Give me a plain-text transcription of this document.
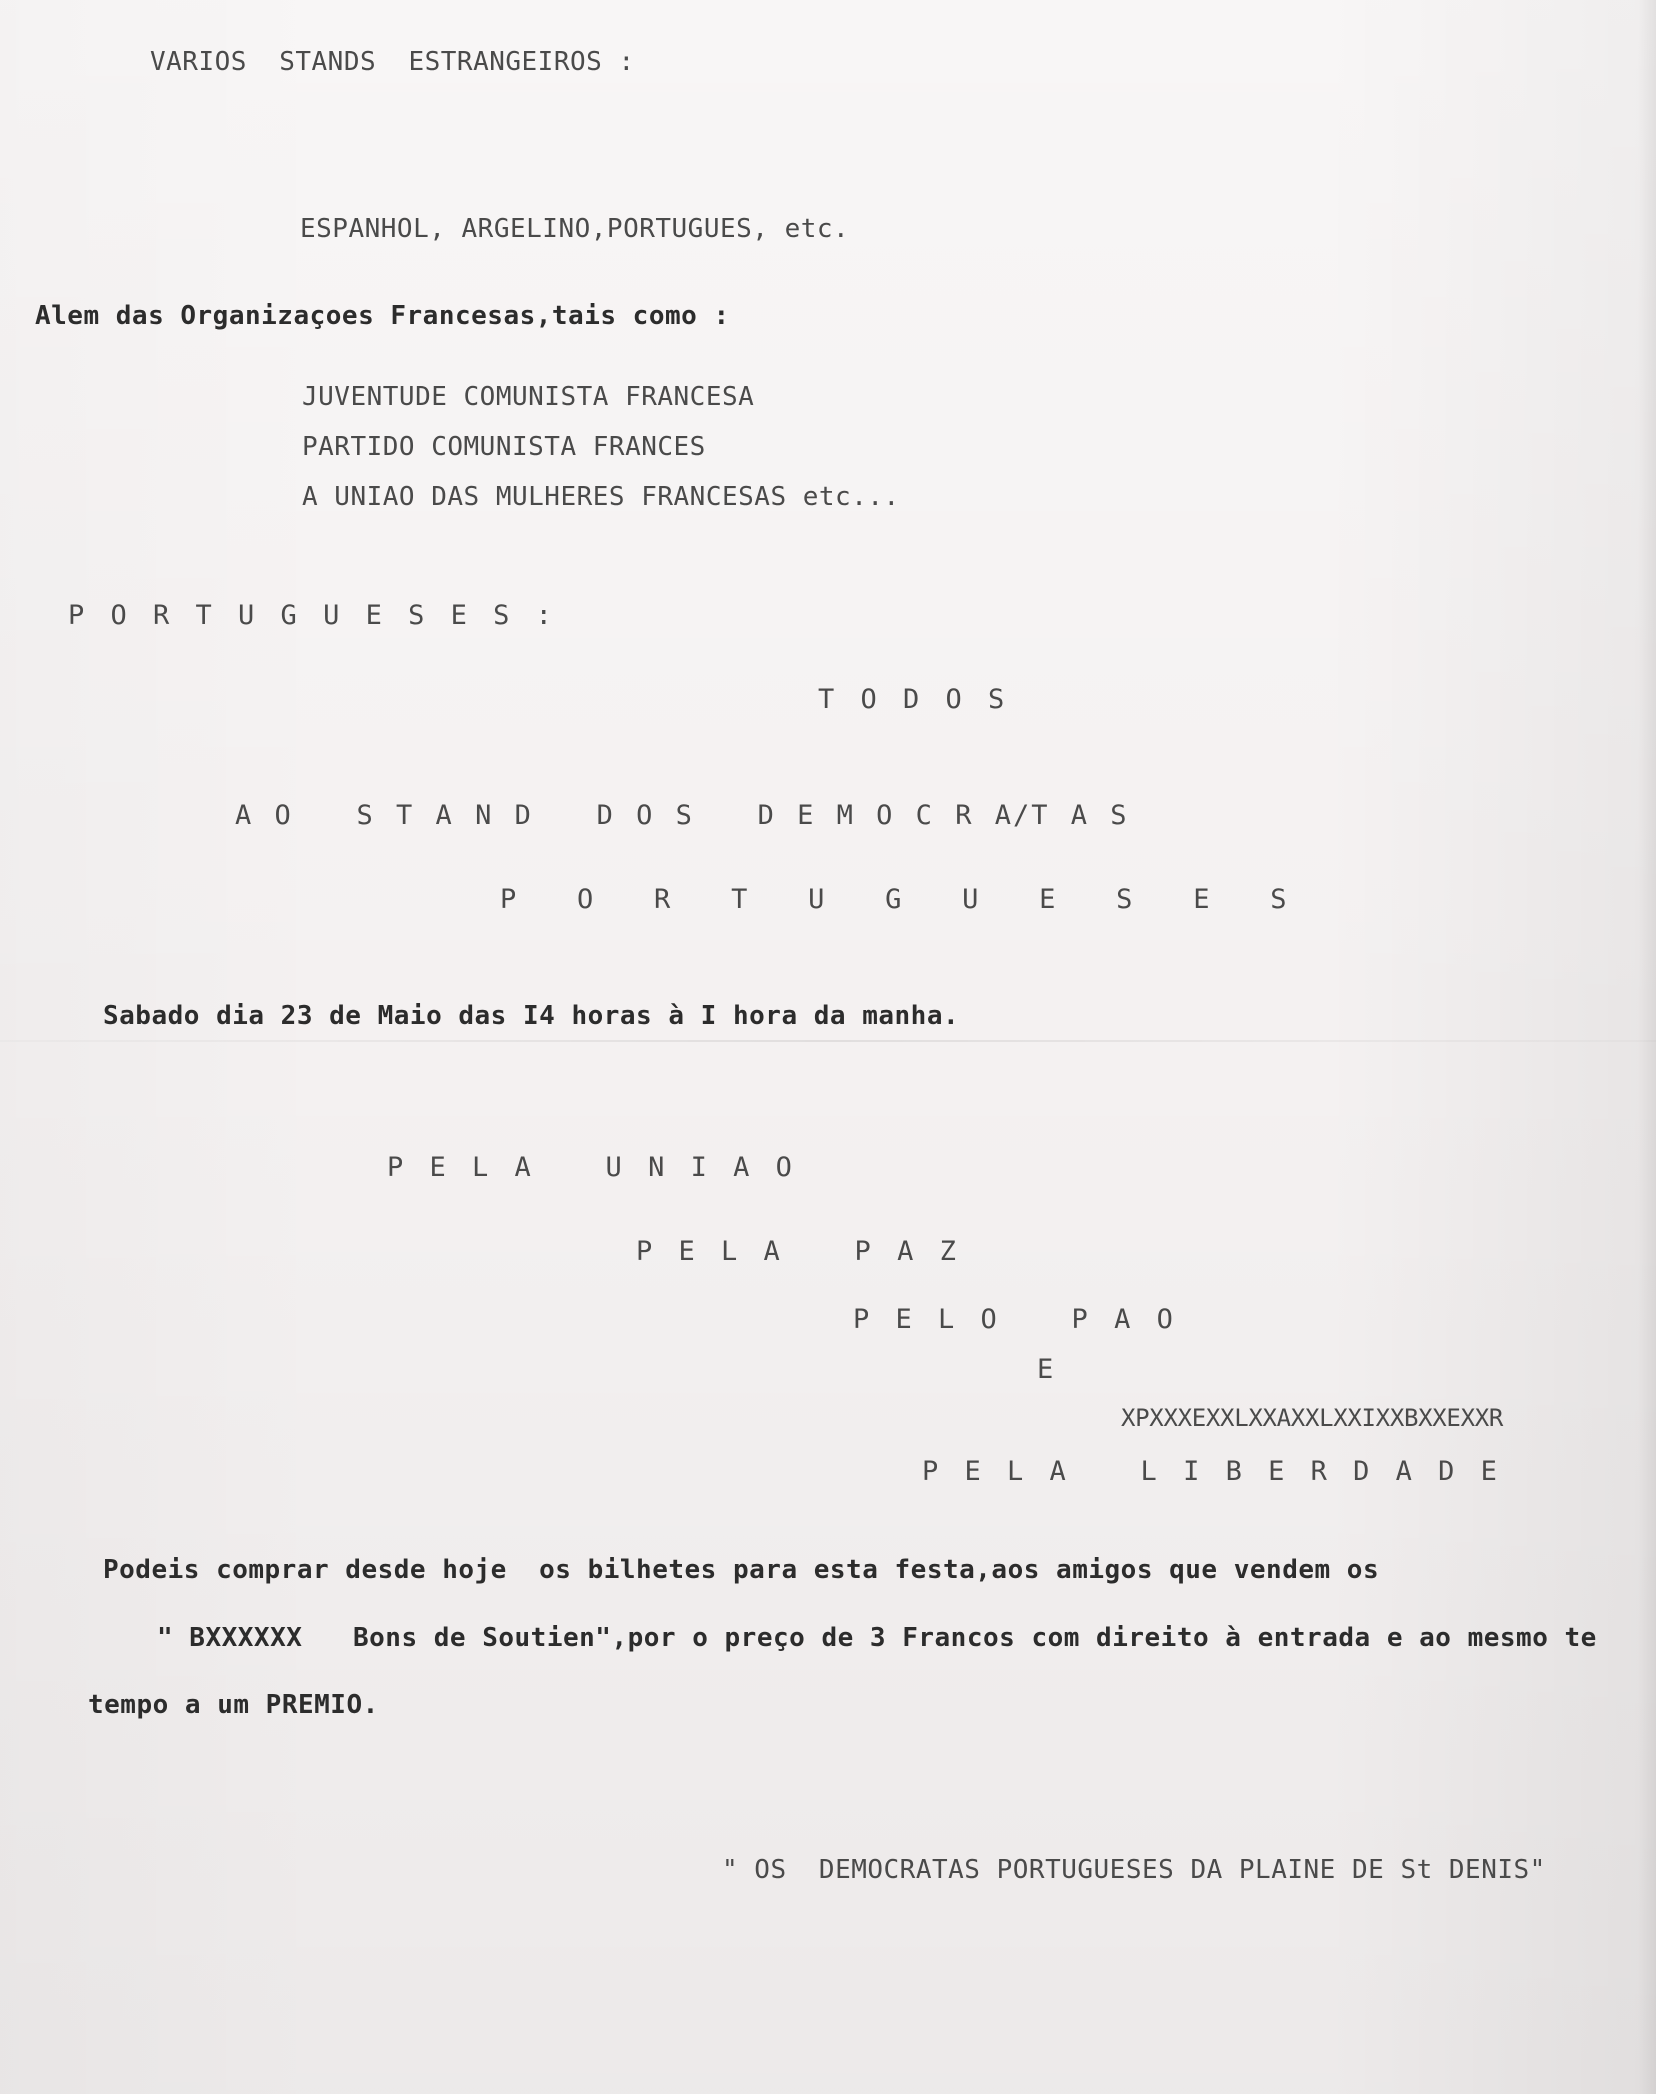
VARIOS  STANDS  ESTRANGEIROS :

ESPANHOL, ARGELINO,PORTUGUES, etc.

Alem das Organizaçoes Francesas,tais como :

JUVENTUDE COMUNISTA FRANCESA

PARTIDO COMUNISTA FRANCES

A UNIAO DAS MULHERES FRANCESAS etc...

P O R T U G U E S E S :

T O D O S

A O   S T A N D   D O S   D E M O C R A/T A S

P   O   R   T   U   G   U   E   S   E   S

Sabado dia 23 de Maio das I4 horas à I hora da manha.

P E L A   U N I A O

P E L A   P A Z

P E L O   P A O

E

XPXXXEXXLXXAXXLXXIXXBXXEXXR

P E L A   L I B E R D A D E

Podeis comprar desde hoje  os bilhetes para esta festa,aos amigos que vendem os

" BXXXXXX Bons de Soutien",por o preço de 3 Francos com direito à entrada e ao mesmo te

tempo a um PREMIO.

" OS  DEMOCRATAS PORTUGUESES DA PLAINE DE St DENIS"
